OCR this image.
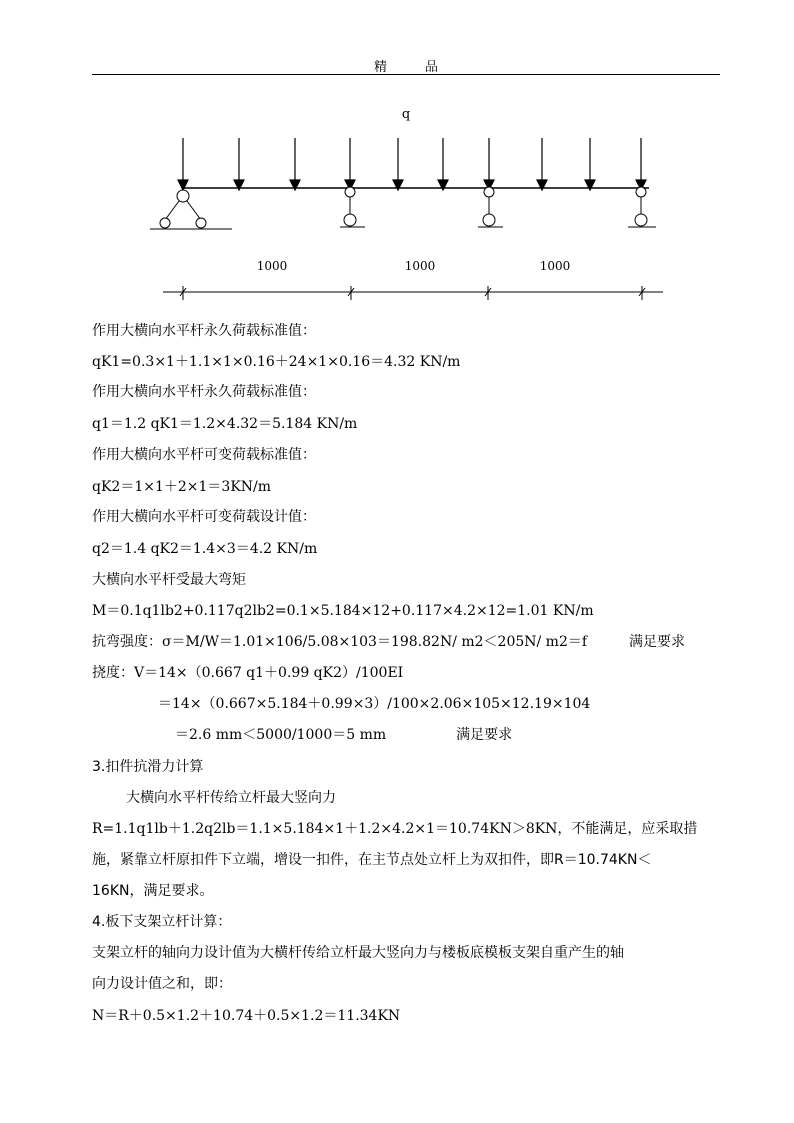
精品
q
1000	1000	1000
作用大横向水平杆永久荷载标准值：
qK1=0.3×1＋1.1×1×0.16＋24×1×0.16＝4.32 KN/m
作用大横向水平杆永久荷载标准值：
q1＝1.2 qK1＝1.2×4.32＝5.184 KN/m
作用大横向水平杆可变荷载标准值：
qK2＝1×1＋2×1＝3KN/m
作用大横向水平杆可变荷载设计值：
q2＝1.4 qK2＝1.4×3＝4.2 KN/m
大横向水平杆受最大弯矩
M＝0.1q1lb2+0.117q2lb2=0.1×5.184×12+0.117×4.2×12=1.01 KN/m
抗弯强度：σ＝M/W＝1.01×106/5.08×103＝198.82N/ m2＜205N/ m2＝f　　　满足要求
挠度：V＝14×（0.667 q1＋0.99 qK2）/100EI
＝14×（0.667×5.184＋0.99×3）/100×2.06×105×12.19×104
＝2.6 mm＜5000/1000＝5 mm　　　　　满足要求
3.扣件抗滑力计算
大横向水平杆传给立杆最大竖向力
R=1.1q1lb＋1.2q2lb＝1.1×5.184×1＋1.2×4.2×1＝10.74KN＞8KN，不能满足，应采取措
施，紧靠立杆原扣件下立端，增设一扣件，在主节点处立杆上为双扣件，即R＝10.74KN＜
16KN，满足要求。
4.板下支架立杆计算：
支架立杆的轴向力设计值为大横杆传给立杆最大竖向力与楼板底模板支架自重产生的轴
向力设计值之和，即：
N＝R＋0.5×1.2＋10.74＋0.5×1.2＝11.34KN
